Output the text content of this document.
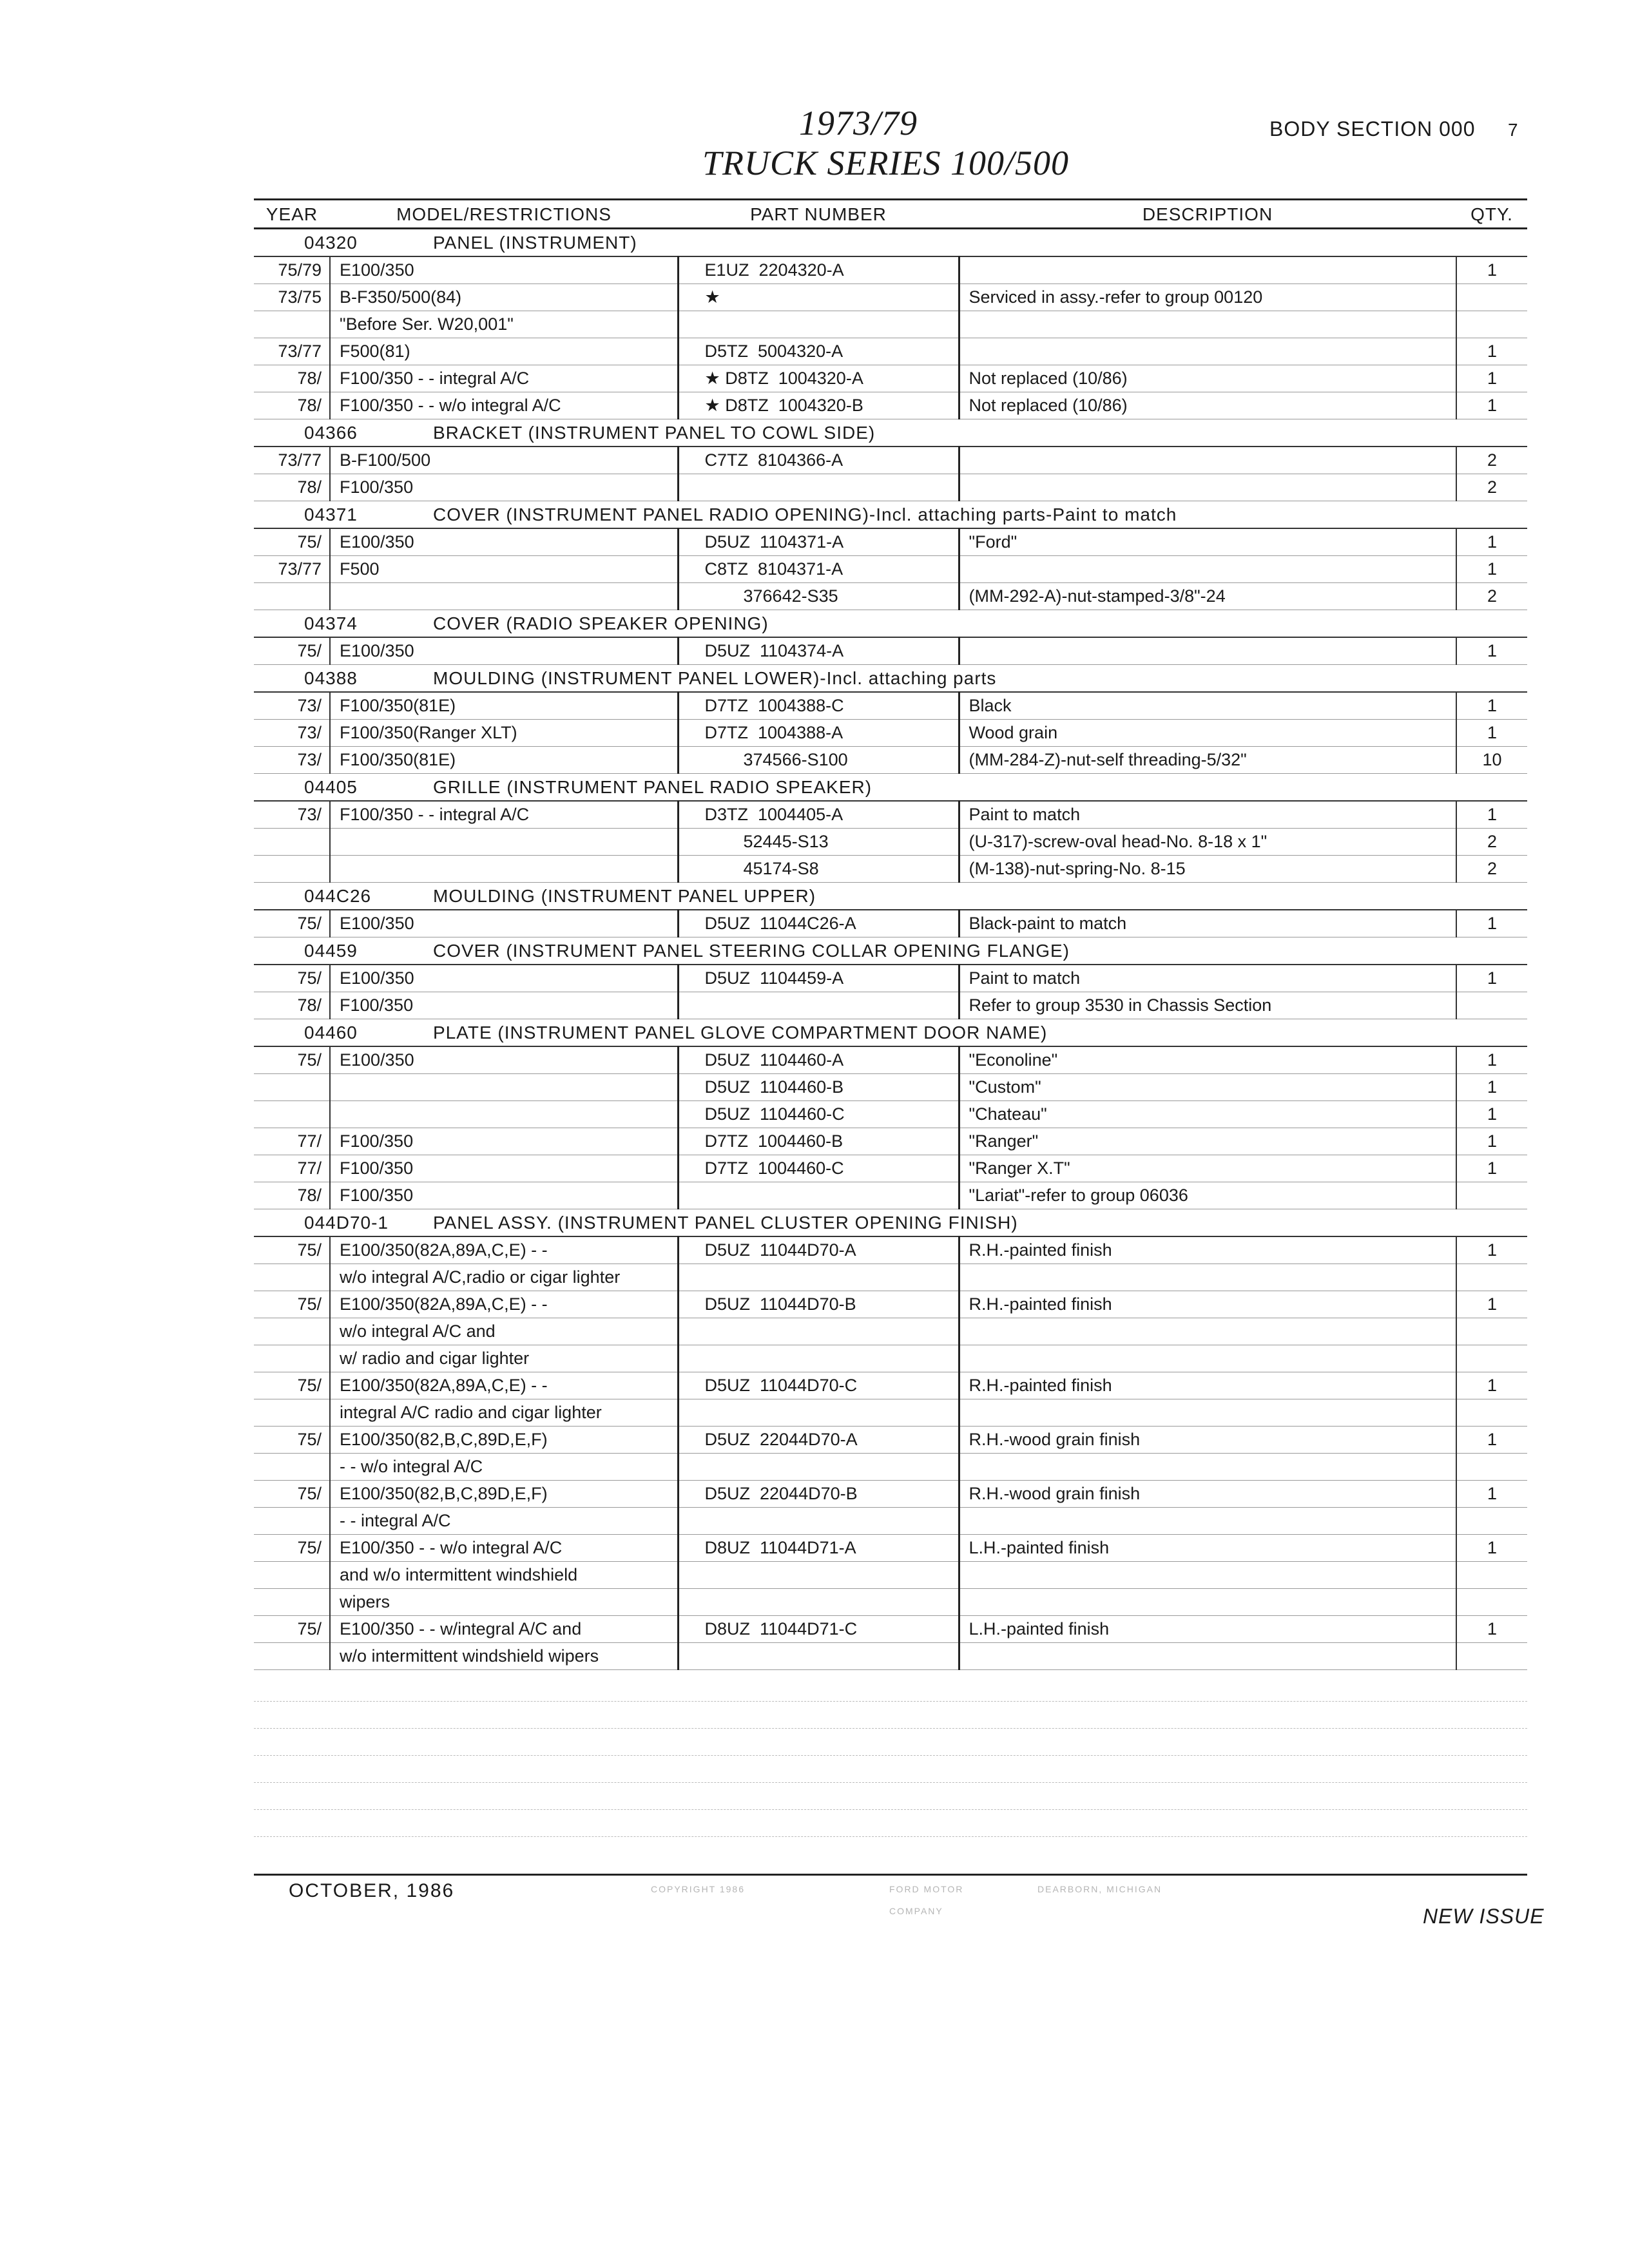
1973/79
TRUCK SERIES 100/500
BODY SECTION 000 7
YEAR	MODEL/RESTRICTIONS	PART NUMBER	DESCRIPTION	QTY.
04320 PANEL (INSTRUMENT)				
75/79	E100/350	E1UZ  2204320-A		1
73/75	B-F350/500(84)	★	Serviced in assy.-refer to group 00120	
	"Before Ser. W20,001"			
73/77	F500(81)	D5TZ  5004320-A		1
78/	F100/350 - - integral A/C	★ D8TZ  1004320-A	Not replaced (10/86)	1
78/	F100/350 - - w/o integral A/C	★ D8TZ  1004320-B	Not replaced (10/86)	1
04366 BRACKET (INSTRUMENT PANEL TO COWL SIDE)				
73/77	B-F100/500	C7TZ  8104366-A		2
78/	F100/350			2
04371 COVER (INSTRUMENT PANEL RADIO OPENING)-Incl. attaching parts-Paint to match				
75/	E100/350	D5UZ  1104371-A	"Ford"	1
73/77	F500	C8TZ  8104371-A		1
		376642-S35	(MM-292-A)-nut-stamped-3/8"-24	2
04374 COVER (RADIO SPEAKER OPENING)				
75/	E100/350	D5UZ  1104374-A		1
04388 MOULDING (INSTRUMENT PANEL LOWER)-Incl. attaching parts				
73/	F100/350(81E)	D7TZ  1004388-C	Black	1
73/	F100/350(Ranger XLT)	D7TZ  1004388-A	Wood grain	1
73/	F100/350(81E)	374566-S100	(MM-284-Z)-nut-self threading-5/32"	10
04405 GRILLE (INSTRUMENT PANEL RADIO SPEAKER)				
73/	F100/350 - - integral A/C	D3TZ  1004405-A	Paint to match	1
		52445-S13	(U-317)-screw-oval head-No. 8-18 x 1"	2
		45174-S8	(M-138)-nut-spring-No. 8-15	2
044C26 MOULDING (INSTRUMENT PANEL UPPER)				
75/	E100/350	D5UZ  11044C26-A	Black-paint to match	1
04459 COVER (INSTRUMENT PANEL STEERING COLLAR OPENING FLANGE)				
75/	E100/350	D5UZ  1104459-A	Paint to match	1
78/	F100/350		Refer to group 3530 in Chassis Section	
04460 PLATE (INSTRUMENT PANEL GLOVE COMPARTMENT DOOR NAME)				
75/	E100/350	D5UZ  1104460-A	"Econoline"	1
		D5UZ  1104460-B	"Custom"	1
		D5UZ  1104460-C	"Chateau"	1
77/	F100/350	D7TZ  1004460-B	"Ranger"	1
77/	F100/350	D7TZ  1004460-C	"Ranger X.T"	1
78/	F100/350		"Lariat"-refer to group 06036	
044D70-1 PANEL ASSY. (INSTRUMENT PANEL CLUSTER OPENING FINISH)				
75/	E100/350(82A,89A,C,E) - -	D5UZ  11044D70-A	R.H.-painted finish	1
	w/o integral A/C,radio or cigar lighter			
75/	E100/350(82A,89A,C,E) - -	D5UZ  11044D70-B	R.H.-painted finish	1
	w/o integral A/C and			
	w/ radio and cigar lighter			
75/	E100/350(82A,89A,C,E) - -	D5UZ  11044D70-C	R.H.-painted finish	1
	integral A/C radio and cigar lighter			
75/	E100/350(82,B,C,89D,E,F)	D5UZ  22044D70-A	R.H.-wood grain finish	1
	- - w/o integral A/C			
75/	E100/350(82,B,C,89D,E,F)	D5UZ  22044D70-B	R.H.-wood grain finish	1
	- - integral A/C			
75/	E100/350 - - w/o integral A/C	D8UZ  11044D71-A	L.H.-painted finish	1
	and w/o intermittent windshield			
	wipers			
75/	E100/350 - - w/integral A/C and	D8UZ  11044D71-C	L.H.-painted finish	1
	w/o intermittent windshield wipers			
OCTOBER, 1986	COPYRIGHT 1986	FORD MOTOR
COMPANY
DEARBORN, MICHIGAN
NEW ISSUE
